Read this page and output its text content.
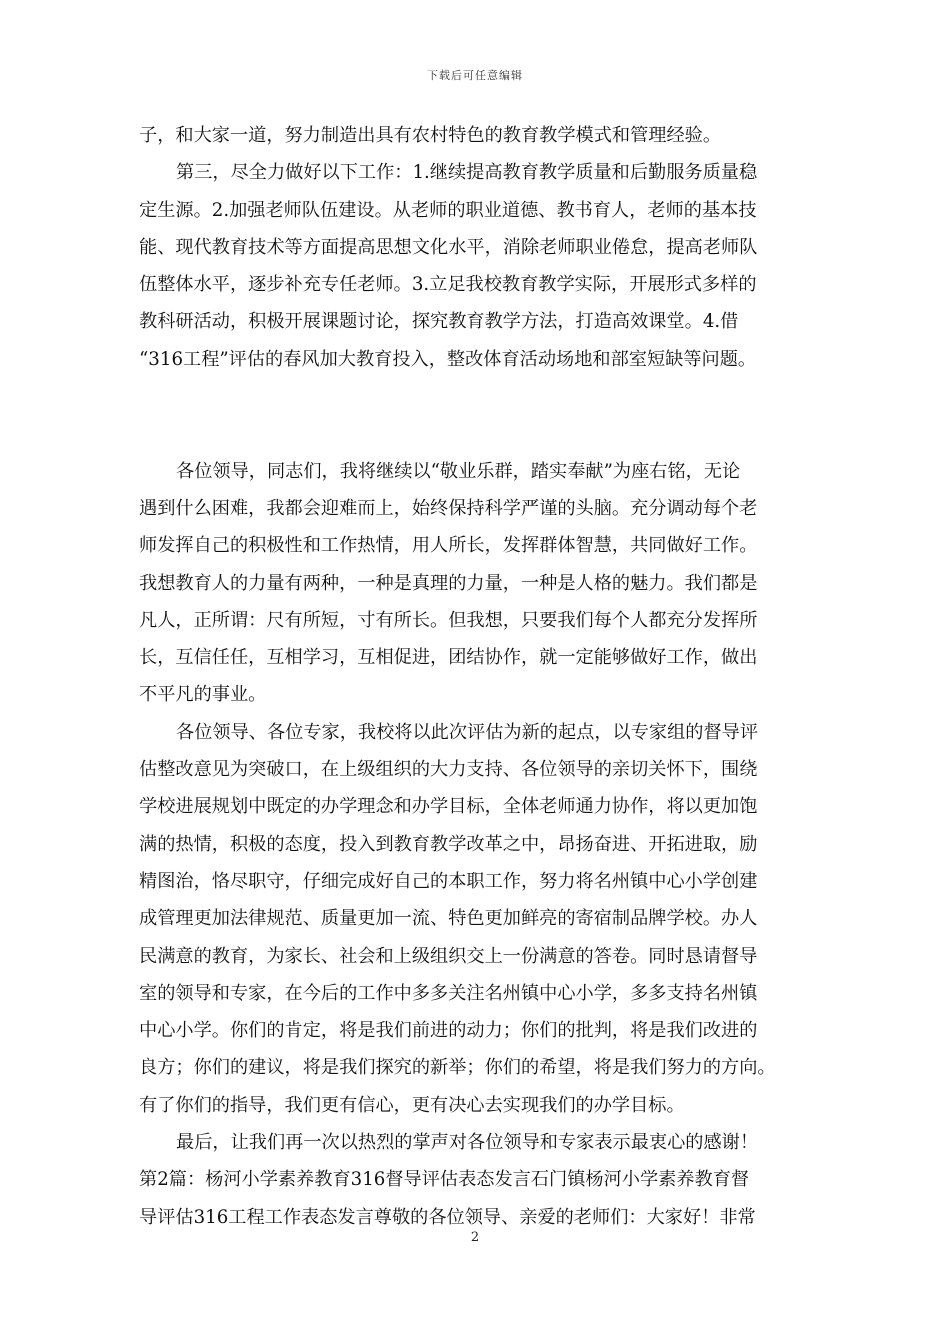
下载后可任意编辑
子，和大家一道，努力制造出具有农村特色的教育教学模式和管理经验。
第三，尽全力做好以下工作：1.继续提高教育教学质量和后勤服务质量稳
定生源。2.加强老师队伍建设。从老师的职业道德、教书育人，老师的基本技
能、现代教育技术等方面提高思想文化水平，消除老师职业倦怠，提高老师队
伍整体水平，逐步补充专任老师。3.立足我校教育教学实际，开展形式多样的
教科研活动，积极开展课题讨论，探究教育教学方法，打造高效课堂。4.借
“316工程”评估的春风加大教育投入，整改体育活动场地和部室短缺等问题。
各位领导，同志们，我将继续以“敬业乐群，踏实奉献”为座右铭，无论
遇到什么困难，我都会迎难而上，始终保持科学严谨的头脑。充分调动每个老
师发挥自己的积极性和工作热情，用人所长，发挥群体智慧，共同做好工作。
我想教育人的力量有两种，一种是真理的力量，一种是人格的魅力。我们都是
凡人，正所谓：尺有所短，寸有所长。但我想，只要我们每个人都充分发挥所
长，互信任任，互相学习，互相促进，团结协作，就一定能够做好工作，做出
不平凡的事业。
各位领导、各位专家，我校将以此次评估为新的起点，以专家组的督导评
估整改意见为突破口，在上级组织的大力支持、各位领导的亲切关怀下，围绕
学校进展规划中既定的办学理念和办学目标，全体老师通力协作，将以更加饱
满的热情，积极的态度，投入到教育教学改革之中，昂扬奋进、开拓进取，励
精图治，恪尽职守，仔细完成好自己的本职工作，努力将名州镇中心小学创建
成管理更加法律规范、质量更加一流、特色更加鲜亮的寄宿制品牌学校。办人
民满意的教育，为家长、社会和上级组织交上一份满意的答卷。同时恳请督导
室的领导和专家，在今后的工作中多多关注名州镇中心小学，多多支持名州镇
中心小学。你们的肯定，将是我们前进的动力；你们的批判，将是我们改进的
良方；你们的建议，将是我们探究的新举；你们的希望，将是我们努力的方向。
有了你们的指导，我们更有信心，更有决心去实现我们的办学目标。
最后，让我们再一次以热烈的掌声对各位领导和专家表示最衷心的感谢！
第2篇：杨河小学素养教育316督导评估表态发言石门镇杨河小学素养教育督
导评估316工程工作表态发言尊敬的各位领导、亲爱的老师们：大家好！非常
2
